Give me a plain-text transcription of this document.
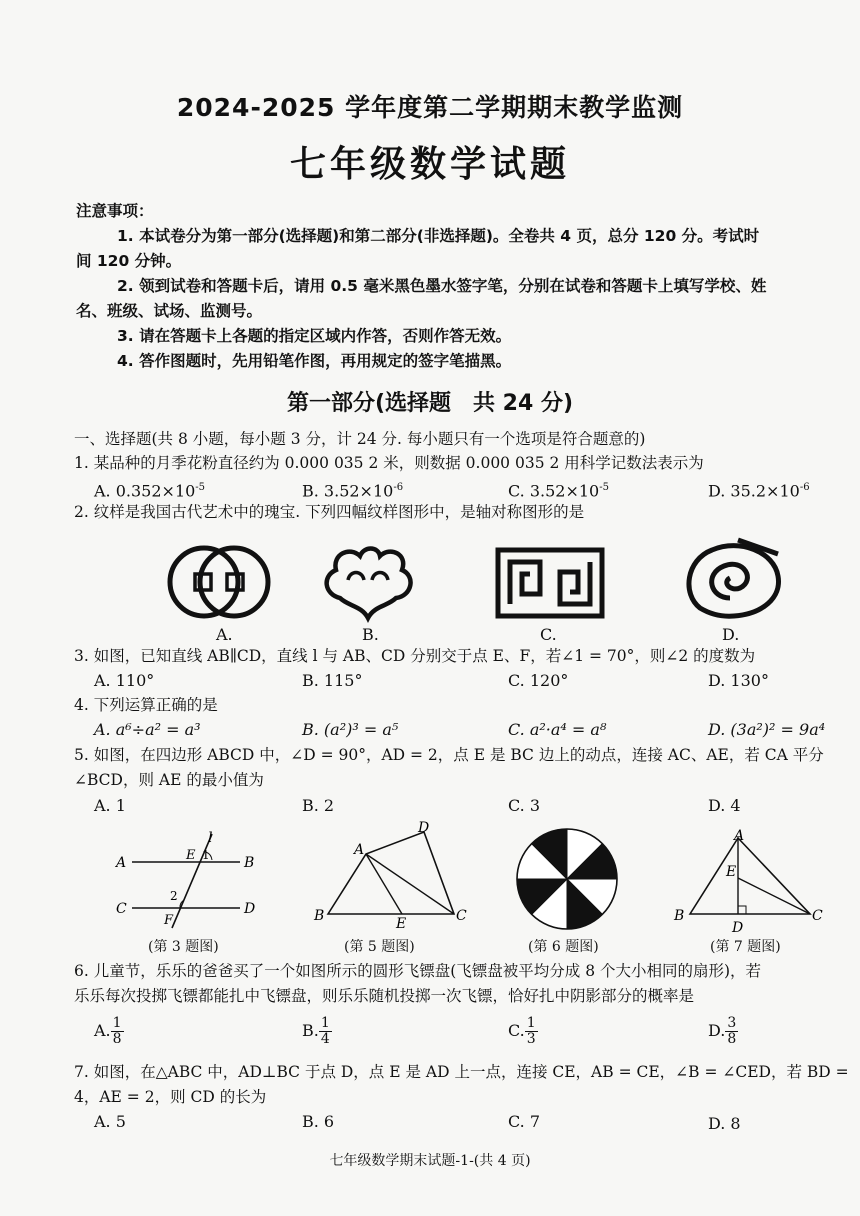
2024-2025 学年度第二学期期末教学监测
七年级数学试题
注意事项：
1. 本试卷分为第一部分(选择题)和第二部分(非选择题)。全卷共 4 页，总分 120 分。考试时
间 120 分钟。
2. 领到试卷和答题卡后，请用 0.5 毫米黑色墨水签字笔，分别在试卷和答题卡上填写学校、姓
名、班级、试场、监测号。
3. 请在答题卡上各题的指定区域内作答，否则作答无效。
4. 答作图题时，先用铅笔作图，再用规定的签字笔描黑。
第一部分(选择题　共 24 分)
一、选择题(共 8 小题，每小题 3 分，计 24 分. 每小题只有一个选项是符合题意的)
1. 某品种的月季花粉直径约为 0.000 035 2 米，则数据 0.000 035 2 用科学记数法表示为
A. $0.352\times 10^{-5}$	B. $3.52\times 10^{-6}$	C. $3.52\times 10^{-5}$	D. $35.2\times 10^{-6}$
2. 纹样是我国古代艺术中的瑰宝. 下列四幅纹样图形中，是轴对称图形的是
A.	B.	C.	D.
3. 如图，已知直线 AB∥CD，直线 l 与 AB、CD 分别交于点 E、F，若∠1 = 70°，则∠2 的度数为
A. 110°	B. 115°	C. 120°	D. 130°
4. 下列运算正确的是
A. a⁶÷a² = a³	B. (a²)³ = a⁵	C. a²·a⁴ = a⁸	D. (3a²)² = 9a⁴
5. 如图，在四边形 ABCD 中，∠D = 90°，AD = 2，点 E 是 BC 边上的动点，连接 AC、AE，若 CA 平分
∠BCD，则 AE 的最小值为
A. 1	B. 2	C. 3	D. 4
l
A	B
C	D
E 1
2
F
(第 3 题图)
A
B	C
D
E
(第 5 题图)	(第 6 题图)
A
B	C
D
E
(第 7 题图)
6. 儿童节，乐乐的爸爸买了一个如图所示的圆形飞镖盘(飞镖盘被平均分成 8 个大小相同的扇形)，若
乐乐每次投掷飞镖都能扎中飞镖盘，则乐乐随机投掷一次飞镖，恰好扎中阴影部分的概率是
A. $\frac{1}{8}$	B. $\frac{1}{4}$	C. $\frac{1}{3}$	D. $\frac{3}{8}$
7. 如图，在△ABC 中，AD⊥BC 于点 D，点 E 是 AD 上一点，连接 CE，AB = CE，∠B = ∠CED，若 BD =
4，AE = 2，则 CD 的长为
A. 5	B. 6	C. 7	D. 8
七年级数学期末试题-1-(共 4 页)
